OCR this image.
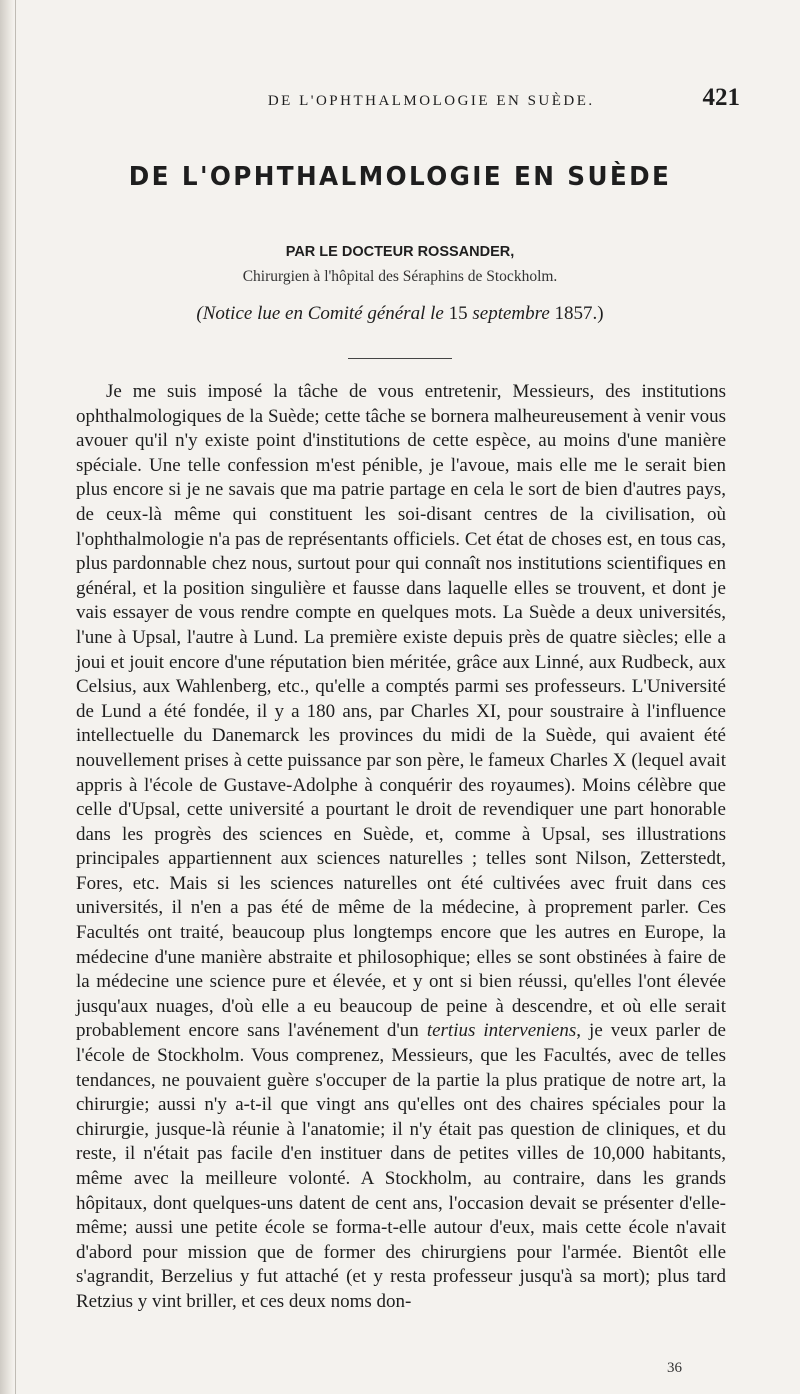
DE L'OPHTHALMOLOGIE EN SUÈDE.	421
DE L'OPHTHALMOLOGIE EN SUÈDE
PAR LE DOCTEUR ROSSANDER,
Chirurgien à l'hôpital des Séraphins de Stockholm.
(Notice lue en Comité général le 15 septembre 1857.)

Je me suis imposé la tâche de vous entretenir, Messieurs, des institutions ophthalmologiques de la Suède; cette tâche se bornera malheureusement à venir vous avouer qu'il n'y existe point d'institutions de cette espèce, au moins d'une manière spéciale. Une telle confession m'est pénible, je l'avoue, mais elle me le serait bien plus encore si je ne savais que ma patrie partage en cela le sort de bien d'autres pays, de ceux-là même qui constituent les soi-disant centres de la civilisation, où l'ophthalmologie n'a pas de représentants officiels. Cet état de choses est, en tous cas, plus pardonnable chez nous, surtout pour qui connaît nos institutions scientifiques en général, et la position singulière et fausse dans laquelle elles se trouvent, et dont je vais essayer de vous rendre compte en quelques mots. La Suède a deux universités, l'une à Upsal, l'autre à Lund. La première existe depuis près de quatre siècles; elle a joui et jouit encore d'une réputation bien méritée, grâce aux Linné, aux Rudbeck, aux Celsius, aux Wahlenberg, etc., qu'elle a comptés parmi ses professeurs. L'Université de Lund a été fondée, il y a 180 ans, par Charles XI, pour soustraire à l'influence intellectuelle du Danemarck les provinces du midi de la Suède, qui avaient été nouvellement prises à cette puissance par son père, le fameux Charles X (lequel avait appris à l'école de Gustave-Adolphe à conquérir des royaumes). Moins célèbre que celle d'Upsal, cette université a pourtant le droit de revendiquer une part honorable dans les progrès des sciences en Suède, et, comme à Upsal, ses illustrations principales appartiennent aux sciences naturelles ; telles sont Nilson, Zetterstedt, Fores, etc. Mais si les sciences naturelles ont été cultivées avec fruit dans ces universités, il n'en a pas été de même de la médecine, à proprement parler. Ces Facultés ont traité, beaucoup plus longtemps encore que les autres en Europe, la médecine d'une manière abstraite et philosophique; elles se sont obstinées à faire de la médecine une science pure et élevée, et y ont si bien réussi, qu'elles l'ont élevée jusqu'aux nuages, d'où elle a eu beaucoup de peine à descendre, et où elle serait probablement encore sans l'avénement d'un tertius interveniens, je veux parler de l'école de Stockholm. Vous comprenez, Messieurs, que les Facultés, avec de telles tendances, ne pouvaient guère s'occuper de la partie la plus pratique de notre art, la chirurgie; aussi n'y a-t-il que vingt ans qu'elles ont des chaires spéciales pour la chirurgie, jusque-là réunie à l'anatomie; il n'y était pas question de cliniques, et du reste, il n'était pas facile d'en instituer dans de petites villes de 10,000 habitants, même avec la meilleure volonté. A Stockholm, au contraire, dans les grands hôpitaux, dont quelques-uns datent de cent ans, l'occasion devait se présenter d'elle-même; aussi une petite école se forma-t-elle autour d'eux, mais cette école n'avait d'abord pour mission que de former des chirurgiens pour l'armée. Bientôt elle s'agrandit, Berzelius y fut attaché (et y resta professeur jusqu'à sa mort); plus tard Retzius y vint briller, et ces deux noms don-

36
